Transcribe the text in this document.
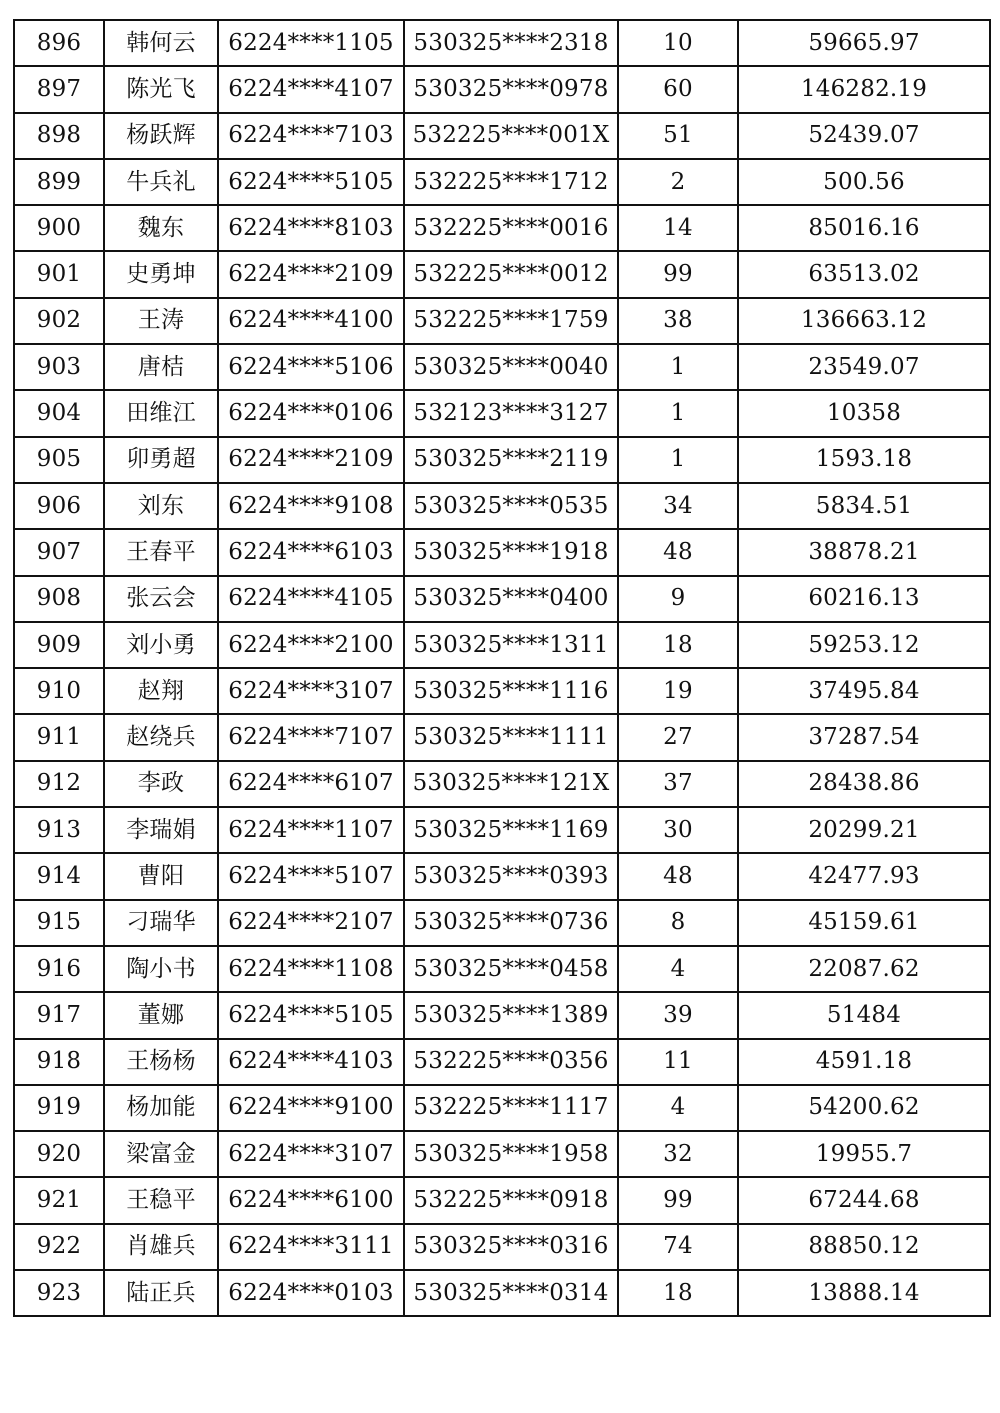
896	韩何云	6224****1105	530325****2318	10	59665.97
897	陈光飞	6224****4107	530325****0978	60	146282.19
898	杨跃辉	6224****7103	532225****001X	51	52439.07
899	牛兵礼	6224****5105	532225****1712	2	500.56
900	魏东	6224****8103	532225****0016	14	85016.16
901	史勇坤	6224****2109	532225****0012	99	63513.02
902	王涛	6224****4100	532225****1759	38	136663.12
903	唐桔	6224****5106	530325****0040	1	23549.07
904	田维江	6224****0106	532123****3127	1	10358
905	卯勇超	6224****2109	530325****2119	1	1593.18
906	刘东	6224****9108	530325****0535	34	5834.51
907	王春平	6224****6103	530325****1918	48	38878.21
908	张云会	6224****4105	530325****0400	9	60216.13
909	刘小勇	6224****2100	530325****1311	18	59253.12
910	赵翔	6224****3107	530325****1116	19	37495.84
911	赵绕兵	6224****7107	530325****1111	27	37287.54
912	李政	6224****6107	530325****121X	37	28438.86
913	李瑞娟	6224****1107	530325****1169	30	20299.21
914	曹阳	6224****5107	530325****0393	48	42477.93
915	刁瑞华	6224****2107	530325****0736	8	45159.61
916	陶小书	6224****1108	530325****0458	4	22087.62
917	董娜	6224****5105	530325****1389	39	51484
918	王杨杨	6224****4103	532225****0356	11	4591.18
919	杨加能	6224****9100	532225****1117	4	54200.62
920	梁富金	6224****3107	530325****1958	32	19955.7
921	王稳平	6224****6100	532225****0918	99	67244.68
922	肖雄兵	6224****3111	530325****0316	74	88850.12
923	陆正兵	6224****0103	530325****0314	18	13888.14
